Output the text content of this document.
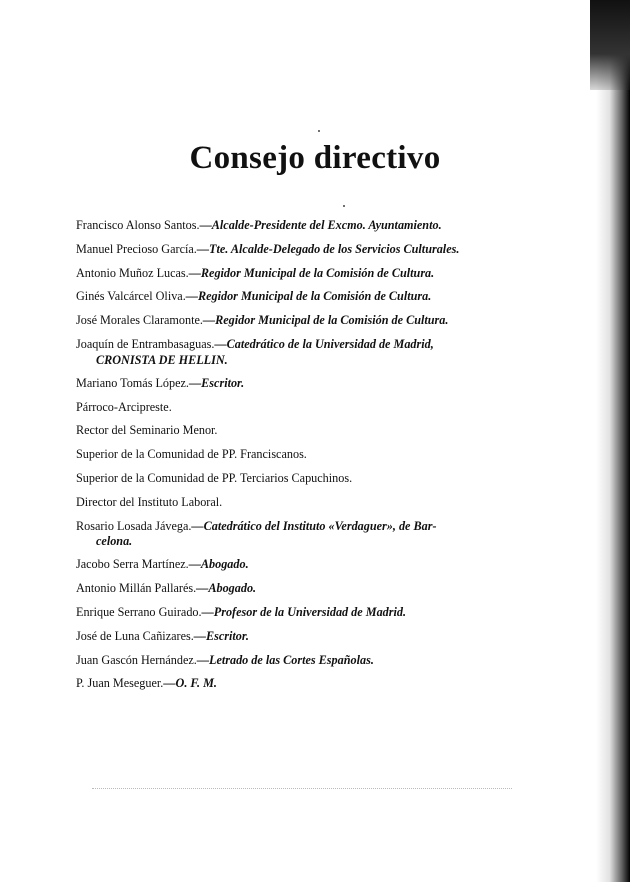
Consejo directivo
Francisco Alonso Santos.—Alcalde-Presidente del Excmo. Ayuntamiento.
Manuel Precioso García.—Tte. Alcalde-Delegado de los Servicios Culturales.
Antonio Muñoz Lucas.—Regidor Municipal de la Comisión de Cultura.
Ginés Valcárcel Oliva.—Regidor Municipal de la Comisión de Cultura.
José Morales Claramonte.—Regidor Municipal de la Comisión de Cultura.
Joaquín de Entrambasaguas.—Catedrático de la Universidad de Madrid,
CRONISTA DE HELLIN.
Mariano Tomás López.—Escritor.
Párroco-Arcipreste.
Rector del Seminario Menor.
Superior de la Comunidad de PP. Franciscanos.
Superior de la Comunidad de PP. Terciarios Capuchinos.
Director del Instituto Laboral.
Rosario Losada Jávega.—Catedrático del Instituto «Verdaguer», de Bar-
celona.
Jacobo Serra Martínez.—Abogado.
Antonio Millán Pallarés.—Abogado.
Enrique Serrano Guirado.—Profesor de la Universidad de Madrid.
José de Luna Cañizares.—Escritor.
Juan Gascón Hernández.—Letrado de las Cortes Españolas.
P. Juan Meseguer.—O. F. M.
